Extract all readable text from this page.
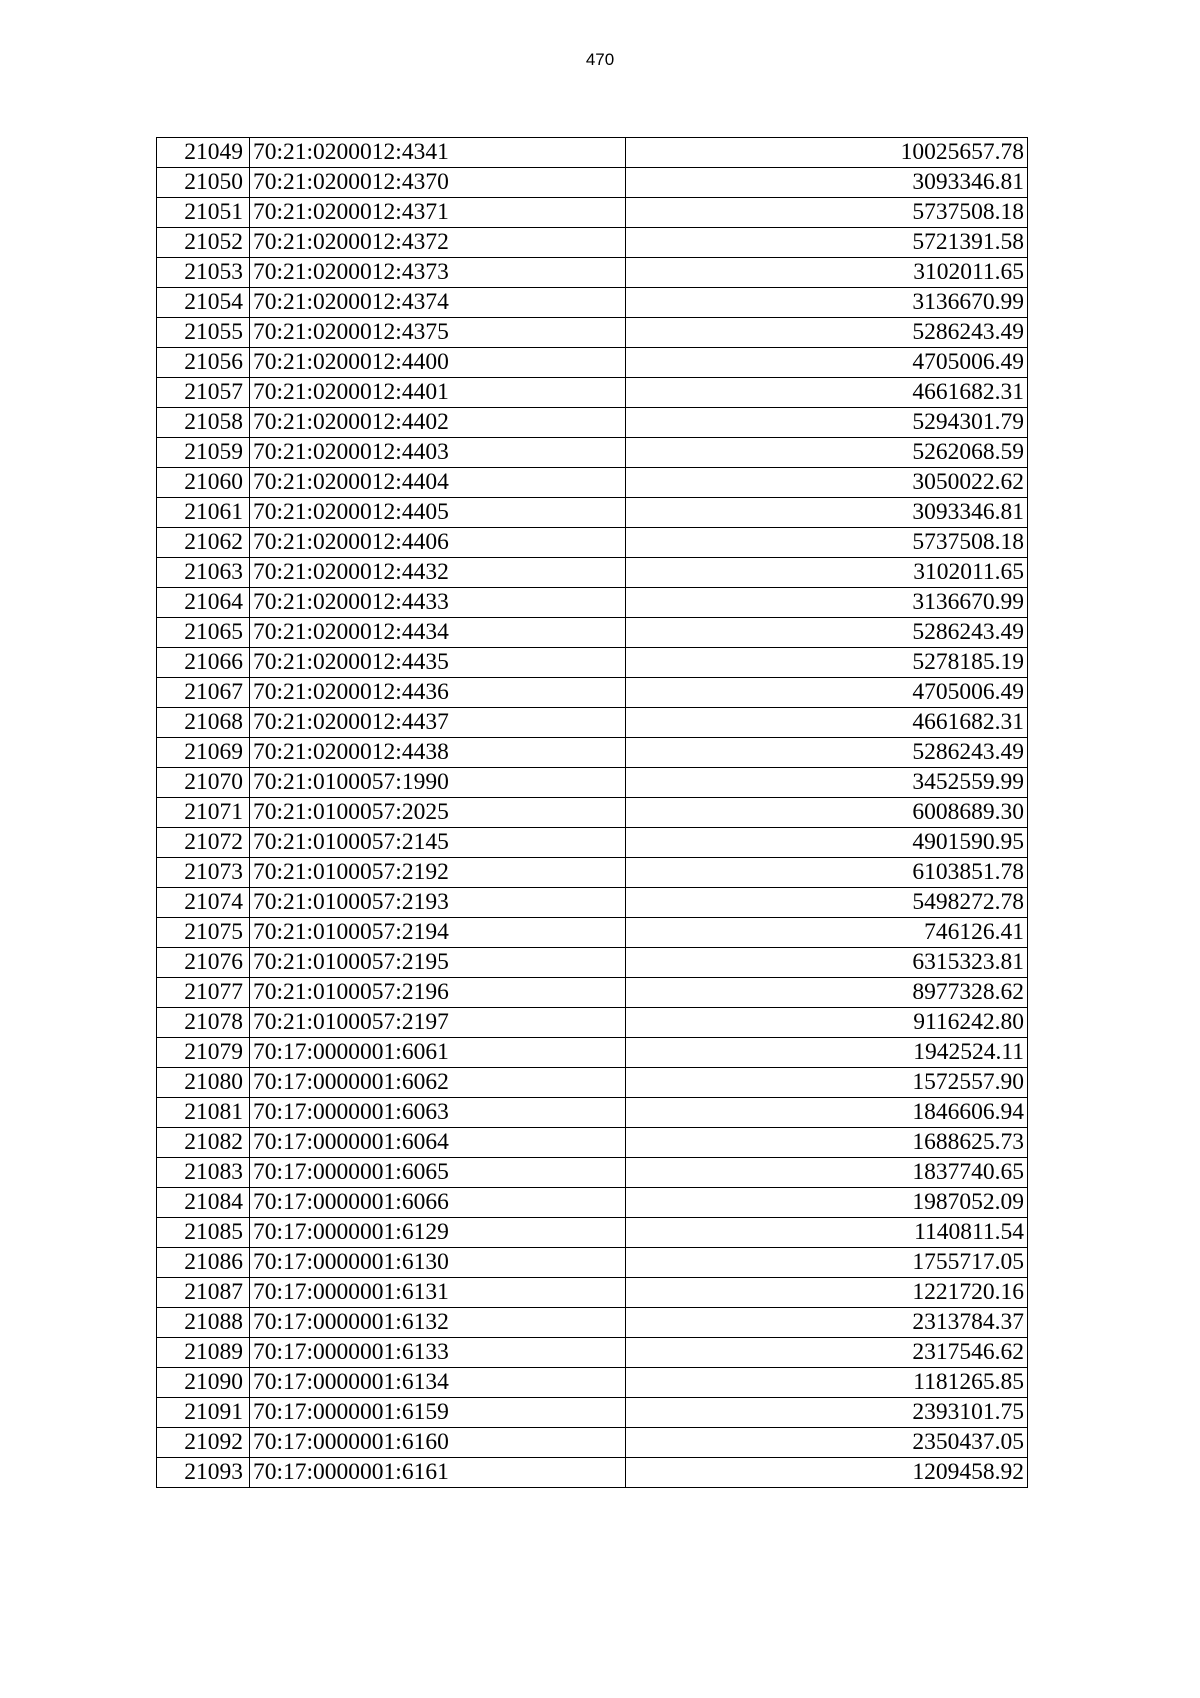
470
21049	70:21:0200012:4341	10025657.78
21050	70:21:0200012:4370	3093346.81
21051	70:21:0200012:4371	5737508.18
21052	70:21:0200012:4372	5721391.58
21053	70:21:0200012:4373	3102011.65
21054	70:21:0200012:4374	3136670.99
21055	70:21:0200012:4375	5286243.49
21056	70:21:0200012:4400	4705006.49
21057	70:21:0200012:4401	4661682.31
21058	70:21:0200012:4402	5294301.79
21059	70:21:0200012:4403	5262068.59
21060	70:21:0200012:4404	3050022.62
21061	70:21:0200012:4405	3093346.81
21062	70:21:0200012:4406	5737508.18
21063	70:21:0200012:4432	3102011.65
21064	70:21:0200012:4433	3136670.99
21065	70:21:0200012:4434	5286243.49
21066	70:21:0200012:4435	5278185.19
21067	70:21:0200012:4436	4705006.49
21068	70:21:0200012:4437	4661682.31
21069	70:21:0200012:4438	5286243.49
21070	70:21:0100057:1990	3452559.99
21071	70:21:0100057:2025	6008689.30
21072	70:21:0100057:2145	4901590.95
21073	70:21:0100057:2192	6103851.78
21074	70:21:0100057:2193	5498272.78
21075	70:21:0100057:2194	746126.41
21076	70:21:0100057:2195	6315323.81
21077	70:21:0100057:2196	8977328.62
21078	70:21:0100057:2197	9116242.80
21079	70:17:0000001:6061	1942524.11
21080	70:17:0000001:6062	1572557.90
21081	70:17:0000001:6063	1846606.94
21082	70:17:0000001:6064	1688625.73
21083	70:17:0000001:6065	1837740.65
21084	70:17:0000001:6066	1987052.09
21085	70:17:0000001:6129	1140811.54
21086	70:17:0000001:6130	1755717.05
21087	70:17:0000001:6131	1221720.16
21088	70:17:0000001:6132	2313784.37
21089	70:17:0000001:6133	2317546.62
21090	70:17:0000001:6134	1181265.85
21091	70:17:0000001:6159	2393101.75
21092	70:17:0000001:6160	2350437.05
21093	70:17:0000001:6161	1209458.92
